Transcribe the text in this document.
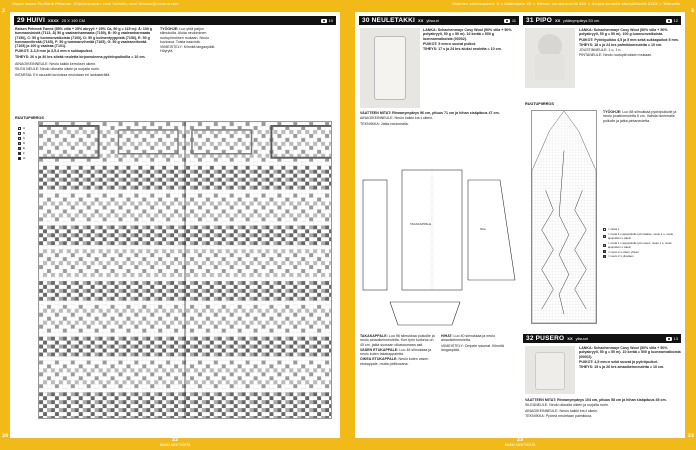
Ohjeet kokosi Pia-Maria Pelkonen. Ohjelmistoinen: rami Valmela, rami Valmela@ravama.com	Ohjeiden vaikeusasteet: X = Aloittelijalle XX = Hieman harrastuneelle XXX = Harjaantuneelle käsityöläiselle XXXX = Taitavalle
2
20
3
23
29 HUIVI XXXX 25 X 190 CM	10

Raisen Pehmeä Tweed (55% villa + 25% akryyli + 25% Ca, 50 g = 115 m): Ä: 100 g tummansinistä (7113, Ä) 50 g vaaleanharmaata (7150), B: 50 g vaaleanharmaata (7150), C: 50 g luonnonvalkoista (7100), D: 50 g kolmentyyppistä (7150), E: 50 g tummanvihreää (7165), F: 50 g tummanvihreää (7165), G: 50 g vaaleanvihreää (7165) ja 100 g vaaleaa (T101).

PUIKOT: 3-3,5 mm ja 3,5-4 mm:n sukkapuikot.

TIHEYS: 26 s ja 30 krs sileää neuletta kirjoneuleena pyörönpuikoilla = 10 cm.

AINAOIKEINNEULE: Neulo kaikki kerrokset oikein.

SILEÄ NEULE: Neulo oikealta oikein ja nurjalta nurin.

INTARSIA: Eri osuudet kuvioissa neulotaan eri lankakerällä.

TYÖOHJE: Luo yhtä paljon silmukoita. Aloita neulominen ruutupiirroksen mukaan. Neulo kuviossa. Toista kaaviota.

VIIMEISTELY: Kiinnitä langanpäät. Höyrytä.

RUUTUPIIRROS
A
B
C
D
E
F
G
22
KAIKKI KÄSITYÖSTÄ
30 NEULETAKKI XX ylisuuri	11

LANKA: Schachenmayr Cosy Wool (50% villa + 50% polyakryyli, 50 g = 50 m). 10 kerää = 500 g luonnonvalkoista (00002).

PUIKOT: 5 mm:n suorat puikot.

TIHEYS: 17 s ja 24 krs aluksi neuletta = 10 cm.

VAATTEEN MITAT: Rinnanympärys 96 cm, pituus 71 cm ja hihan sisäpituus 47 cm.

AINAOIKEINNEULE: Neulo kaikki krs:t oikein.

TEKNIIKKA: Jatka neulomalla.

TAKAKAPPALE
hiha

TAKAKAPPALE: Luo 96 silmukkaa puikoille ja neulo ainaoikeinneuletta. Kun työn korkeus on 45 cm, jatka suoraan olkasaumaan asti.

VASEN ETUKAPPALE: Luo 48 silmukkaa ja neulo kuten takakappaletta.

OIKEA ETUKAPPALE: Neulo kuten vasen etukappale, mutta peilikuvana.

HIHAT: Luo 40 silmukkaa ja neulo ainaoikeinneuletta.

VIIMEISTELY: Ompele saumat. Kiinnitä langanpäät.

31 PIPO XX päänympärys 53 cm	12

LANKA: Schachenmayr Cosy Wool (50% villa + 50% polyakryyli, 50 g = 50 m). 100 g luonnonvalkoista.

PUIKOT: Pyöröpuikko 4,5 ja 5 mm sekä sukkapuikot 5 mm.

TIHEYS: 18 s ja 24 krs palmikkoneuletta = 10 cm.

JOUSTINNEULE: 1 o, 1 n.

PINTANEULE: Neulo ruutupiirroksen mukaan.

RUUTUPIIRROS

TYÖOHJE: Luo 88 silmukkaa pyöröpuikolle ja neulo joustinneuletta 6 cm. Vaihda isommalle puikolle ja jatka pintaneuletta.

= oikea s
= nosta 1 s apupuikolle työn taakse, neulo 1 o, neulo apupuikon s oikein
= nosta 1 s apupuikolle työn eteen, neulo 1 o, neulo apupuikon s oikein
= neulo 2 s oikein yhteen
= neulo 2 s ylivetäen
32 PUSERO XX ylisuuri	13

LANKA: Schachenmayr Cosy Wool (50% villa + 50% polyakryyli, 50 g = 50 m). 10 kerää = 500 g luonnonvalkoista (00002).

PUIKOT: 4,5 mm:n sekä suorat ja pyöröpuikot.

TIHEYS: 15 s ja 26 krs ainaoikeinneuletta = 10 cm.

VAATTEEN MITAT: Rinnanympärys 104 cm, pituus 58 cm ja hihan sisäpituus 45 cm.

SILEÄNEULE: Neulo oikealta oikein ja nurjalta nurin.

AINAOIKEINNEULE: Neulo kaikki krs:t oikein.

TEKNIIKKA: Pyöreä neuletaan palmikkoa.

23
KAIKKI KÄSITYÖSTÄ
